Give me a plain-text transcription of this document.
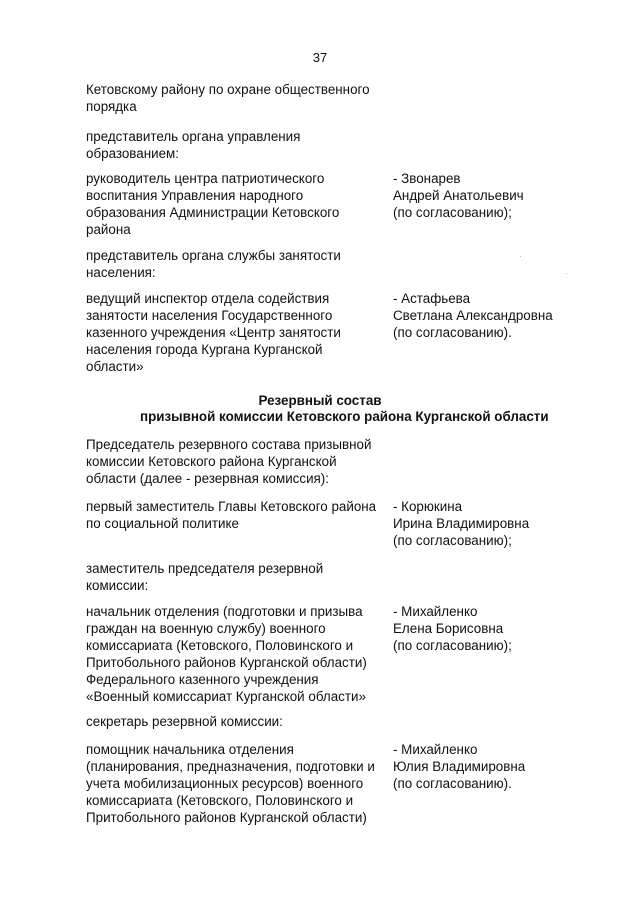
37
Кетовскому району по охране общественного
порядка
представитель органа управления
образованием:
руководитель центра патриотического
воспитания Управления народного
образования Администрации Кетовского
района
- Звонарев
Андрей Анатольевич
(по согласованию);
представитель органа службы занятости
населения:
ведущий инспектор отдела содействия
занятости населения Государственного
казенного учреждения «Центр занятости
населения города Кургана Курганской
области»
- Астафьева
Светлана Александровна
(по согласованию).
Резервный состав
призывной комиссии Кетовского района Курганской области
Председатель резервного состава призывной
комиссии Кетовского района Курганской
области (далее - резервная комиссия):
первый заместитель Главы Кетовского района
по социальной политике
- Корюкина
Ирина Владимировна
(по согласованию);
заместитель председателя резервной
комиссии:
начальник отделения (подготовки и призыва
граждан на военную службу) военного
комиссариата (Кетовского, Половинского и
Притобольного районов Курганской области)
Федерального казенного учреждения
«Военный комиссариат Курганской области»
- Михайленко
Елена Борисовна
(по согласованию);
секретарь резервной комиссии:
помощник начальника отделения
(планирования, предназначения, подготовки и
учета мобилизационных ресурсов) военного
комиссариата (Кетовского, Половинского и
Притобольного районов Курганской области)
- Михайленко
Юлия Владимировна
(по согласованию).
